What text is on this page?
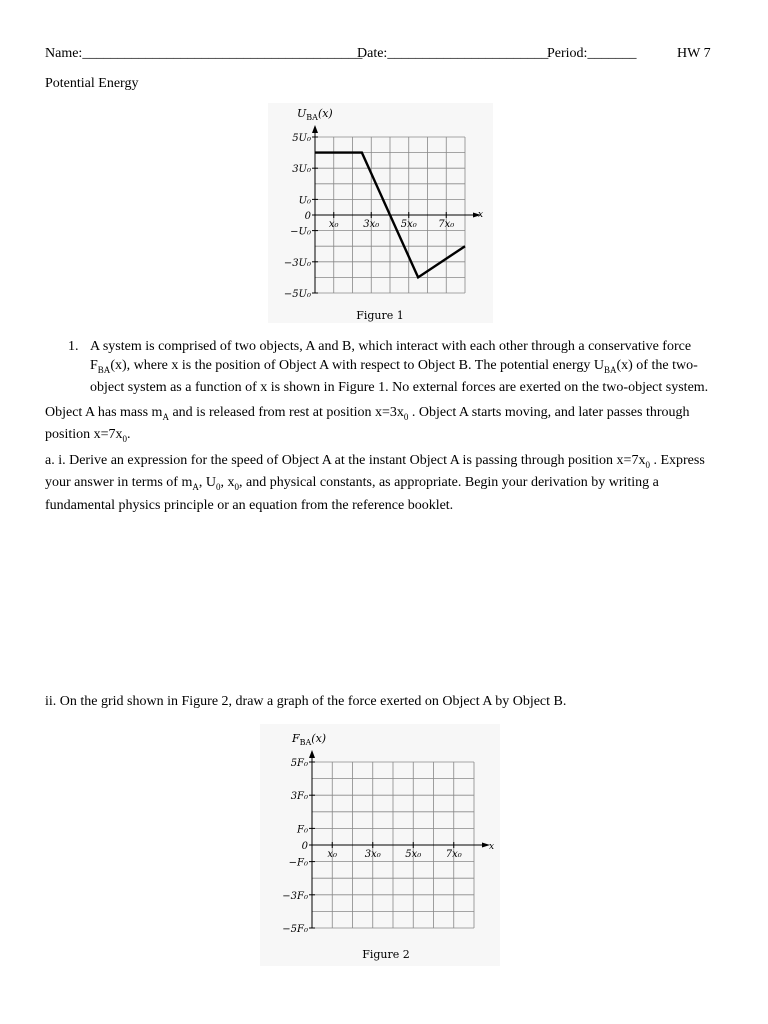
Name:________________________________________
Date:_______________________
Period:_______	HW 7
Potential Energy
$U_{BA}(x)$
x
5U₀
3U₀
U₀
0
−U₀
−3U₀
−5U₀
x₀ 3x₀ 5x₀ 7x₀
Figure 1
1. A system is comprised of two objects, A and B, which interact with each other through a conservative force $F_{BA}(x)$, where x is the position of Object A with respect to Object B. The potential energy $U_{BA}(x)$ of the two-object system as a function of x is shown in Figure 1. No external forces are exerted on the two-object system.
Object A has mass $m_A$ and is released from rest at position $x=3x_0$ . Object A starts moving, and later passes through position $x=7x_0$.
a. i. Derive an expression for the speed of Object A at the instant Object A is passing through position $x=7x_0$ . Express your answer in terms of $m_A$, $U_0$, $x_0$, and physical constants, as appropriate. Begin your derivation by writing a fundamental physics principle or an equation from the reference booklet.
ii. On the grid shown in Figure 2, draw a graph of the force exerted on Object A by Object B.
$F_{BA}(x)$
x
5F₀
3F₀
F₀
0
−F₀
−3F₀
−5F₀
x₀	3x₀ 5x₀ 7x₀
Figure 2
